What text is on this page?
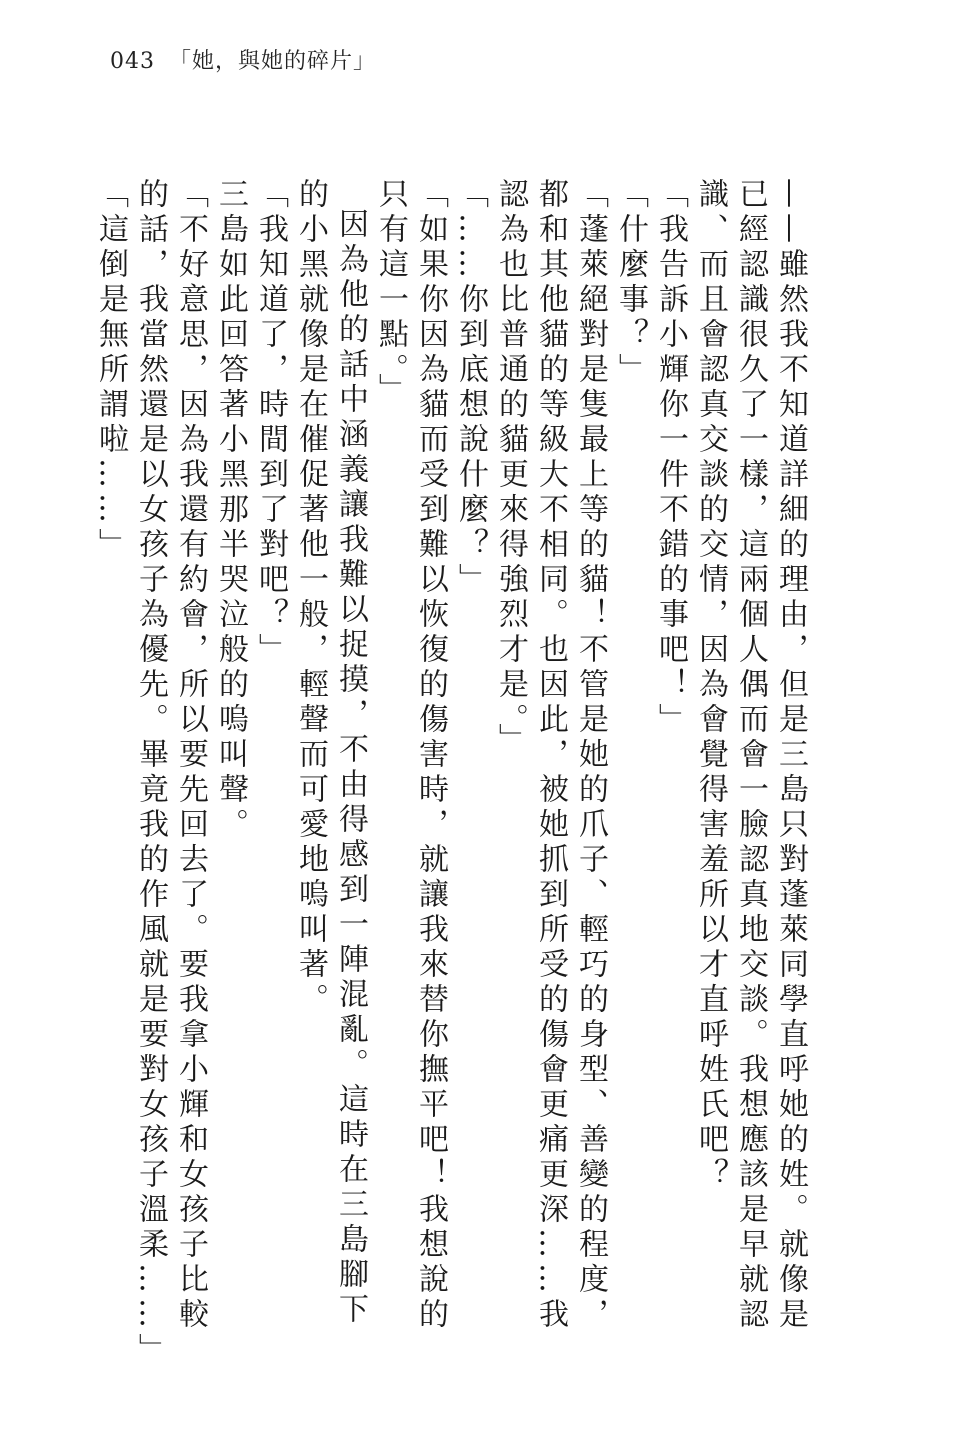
043 「她，與她的碎片」

——雖然我不知道詳細的理由，但是三島只對蓬萊同學直呼她的姓。就像是已經認識很久了一樣，這兩個人偶而會一臉認真地交談。我想應該是早就認識、而且會認真交談的交情，因為會覺得害羞所以才直呼姓氏吧？

「我告訴小輝你一件不錯的事吧！」

「什麼事？」

「蓬萊絕對是隻最上等的貓！不管是她的爪子、輕巧的身型、善變的程度，都和其他貓的等級大不相同。也因此，被她抓到所受的傷會更痛更深……我認為也比普通的貓更來得強烈才是。」

「……你到底想說什麼？」

「如果你因為貓而受到難以恢復的傷害時，就讓我來替你撫平吧！我想說的只有這一點。」

因為他的話中涵義讓我難以捉摸，不由得感到一陣混亂。這時在三島腳下的小黑就像是在催促著他一般，輕聲而可愛地嗚叫著。

「我知道了，時間到了對吧？」

三島如此回答著小黑那半哭泣般的嗚叫聲。

「不好意思，因為我還有約會，所以要先回去了。要我拿小輝和女孩子比較的話，我當然還是以女孩子為優先。畢竟我的作風就是要對女孩子溫柔……」

「這倒是無所謂啦……」
